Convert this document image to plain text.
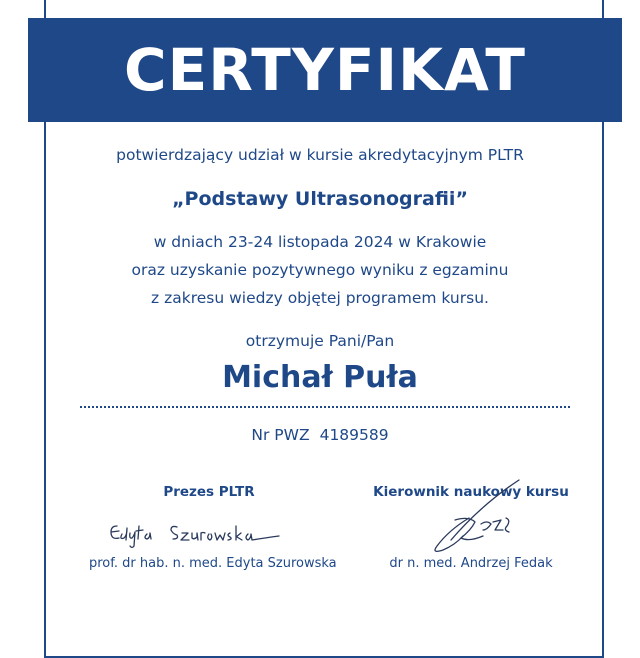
CERTYFIKAT
potwierdzający udział w kursie akredytacyjnym PLTR
„Podstawy Ultrasonografii”
w dniach 23-24 listopada 2024 w Krakowie
oraz uzyskanie pozytywnego wyniku z egzaminu
z zakresu wiedzy objętej programem kursu.
otrzymuje Pani/Pan
Michał Puła
Nr PWZ 4189589
Prezes PLTR
prof. dr hab. n. med. Edyta Szurowska
Kierownik naukowy kursu
dr n. med. Andrzej Fedak
